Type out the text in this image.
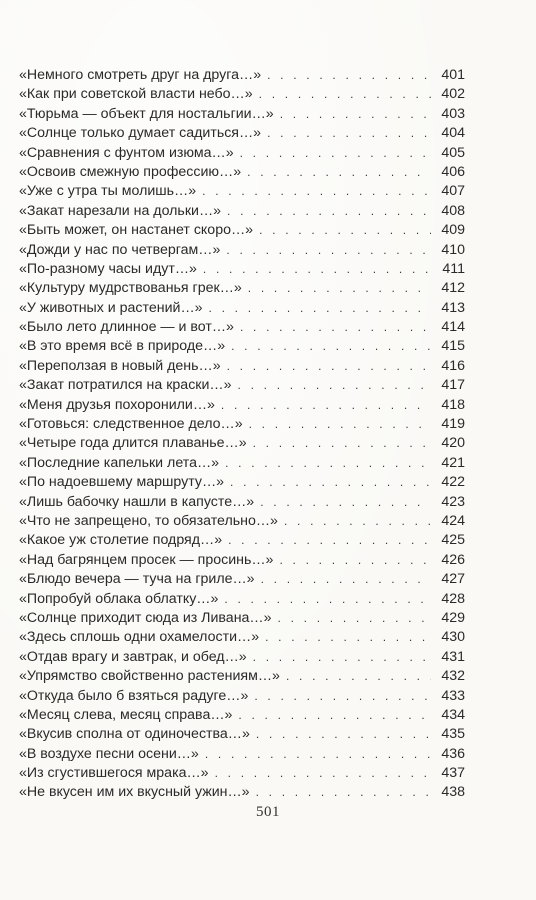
«Немного смотреть друг на друга…» . . .	401
«Как при советской власти небо…» . . .	402
«Тюрьма — объект для ностальгии…» . . .	403
«Солнце только думает садиться…» . . .	404
«Сравнения с фунтом изюма…» . . .	405
«Освоив смежную профессию…» . . .	406
«Уже с утра ты молишь…» . . .	407
«Закат нарезали на дольки…» . . .	408
«Быть может, он настанет скоро…» . . .	409
«Дожди у нас по четвергам…» . . .	410
«По-разному часы идут…» . . .	411
«Культуру мудрствованья грек…» . . .	412
«У животных и растений…» . . .	413
«Было лето длинное — и вот…» . . .	414
«В это время всё в природе…» . . .	415
«Переползая в новый день…» . . .	416
«Закат потратился на краски…» . . .	417
«Меня друзья похоронили…» . . .	418
«Готовься: следственное дело…» . . .	419
«Четыре года длится плаванье…» . . .	420
«Последние капельки лета…» . . .	421
«По надоевшему маршруту…» . . .	422
«Лишь бабочку нашли в капусте…» . . .	423
«Что не запрещено, то обязательно…» . . .	424
«Какое уж столетие подряд…» . . .	425
«Над багрянцем просек — просинь…» . . .	426
«Блюдо вечера — туча на гриле…» . . .	427
«Попробуй облака облатку…» . . .	428
«Солнце приходит сюда из Ливана…» . . .	429
«Здесь сплошь одни охамелости…» . . .	430
«Отдав врагу и завтрак, и обед…» . . .	431
«Упрямство свойственно растениям…» . . .	432
«Откуда было б взяться радуге…» . . .	433
«Месяц слева, месяц справа…» . . .	434
«Вкусив сполна от одиночества…» . . .	435
«В воздухе песни осени…» . . .	436
«Из сгустившегося мрака…» . . .	437
«Не вкусен им их вкусный ужин…» . . .	438
501
